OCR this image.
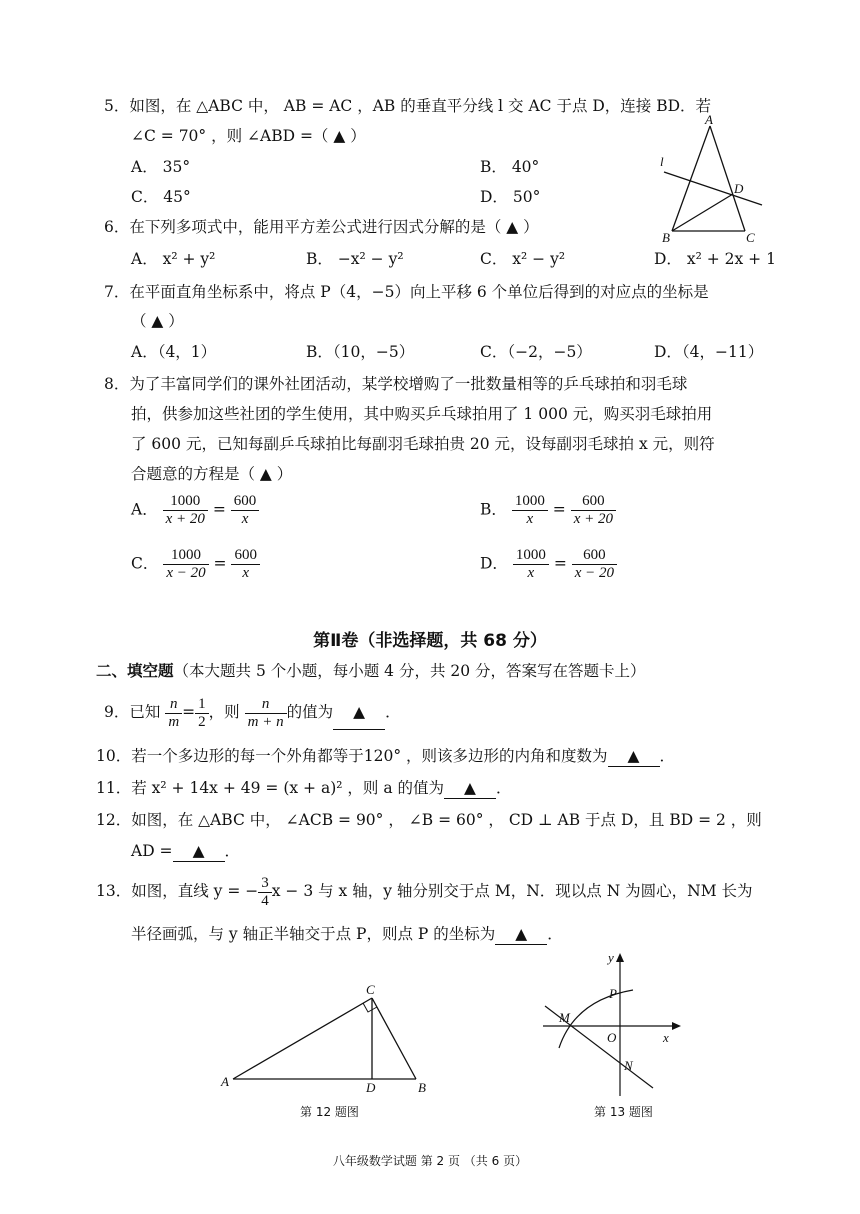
5．如图，在 △ABC 中， AB = AC ，AB 的垂直平分线 l 交 AC 于点 D，连接 BD．若
∠C = 70° ，则 ∠ABD =（ ▲ ）
A． 35°	B． 40°
C． 45°	D． 50°
A
l
D
B	C
6．在下列多项式中，能用平方差公式进行因式分解的是（ ▲ ）
A． x² + y²	B． −x² − y²	C． x² − y²	D． x² + 2x + 1
7．在平面直角坐标系中，将点 P（4，−5）向上平移 6 个单位后得到的对应点的坐标是
（ ▲ ）
A．（4，1）	B．（10，−5）	C．（−2，−5）	D．（4，−11）
8．为了丰富同学们的课外社团活动，某学校增购了一批数量相等的乒乓球拍和羽毛球
拍，供参加这些社团的学生使用，其中购买乒乓球拍用了 1 000 元，购买羽毛球拍用
了 600 元，已知每副乒乓球拍比每副羽毛球拍贵 20 元，设每副羽毛球拍 x 元，则符
合题意的方程是（ ▲ ）
A． $\frac{1000}{x + 20} = \frac{600}{x}$	B． $\frac{1000}{x} = \frac{600}{x + 20}$
C． $\frac{1000}{x - 20} = \frac{600}{x}$	D． $\frac{1000}{x} = \frac{600}{x - 20}$
第Ⅱ卷（非选择题，共 68 分）
二、填空题（本大题共 5 个小题，每小题 4 分，共 20 分，答案写在答题卡上）
9．已知 $\frac{n}{m} = \frac{1}{2}$ ，则 $\frac{n}{m + n}$ 的值为 ▲ ．
10．若一个多边形的每一个外角都等于120° ，则该多边形的内角和度数为 ▲ ．
11．若 x² + 14x + 49 = (x + a)² ，则 a 的值为 ▲ ．
12．如图，在 △ABC 中， ∠ACB = 90° ， ∠B = 60° ， CD ⊥ AB 于点 D，且 BD = 2 ，则
AD = ▲ ．
13．如图，直线 y = − $\frac{3}{4}$ x − 3 与 x 轴，y 轴分别交于点 M，N．现以点 N 为圆心，NM 长为
半径画弧，与 y 轴正半轴交于点 P，则点 P 的坐标为 ▲ ．
C
A	D	B
第 12 题图
y
P
M
O	x
N
第 13 题图
八年级数学试题 第 2 页 （共 6 页）
